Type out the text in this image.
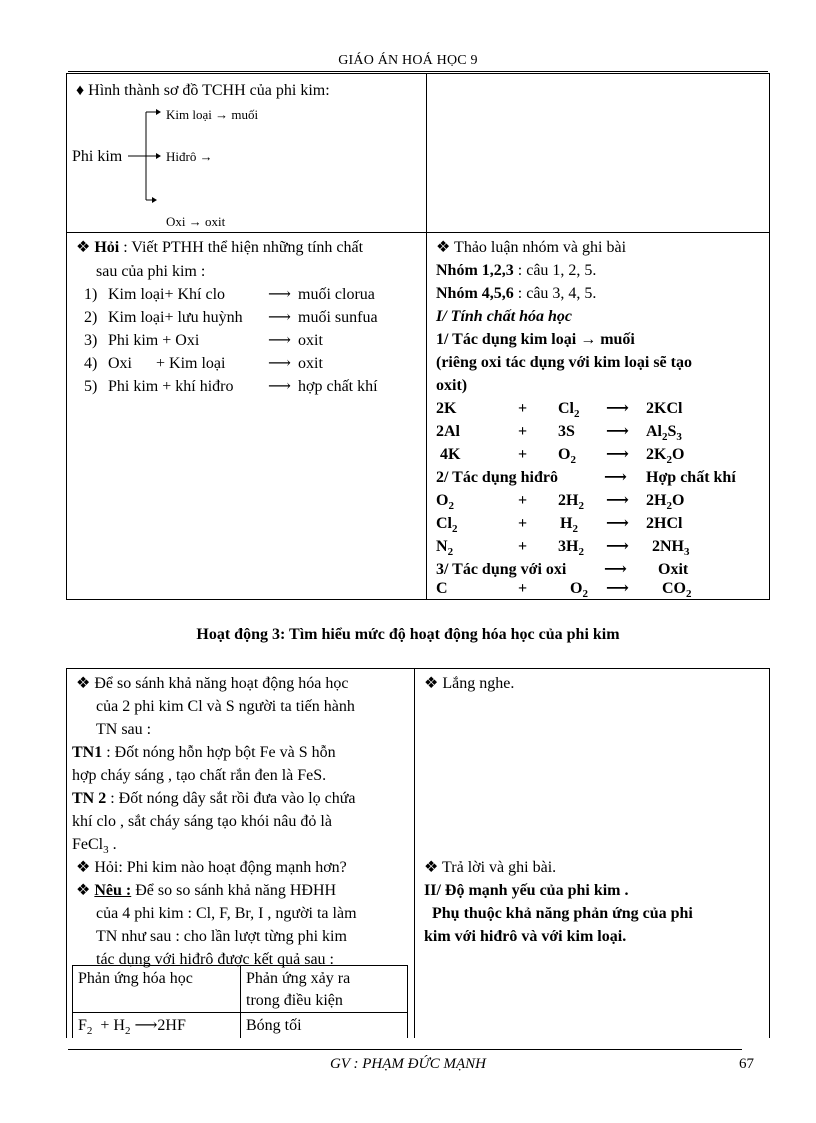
GIÁO ÁN HOÁ HỌC 9
♦ Hình thành sơ đồ TCHH của phi kim:
Phi kim
Kim loại → muối
Hiđrô →
Oxi → oxit
❖ Hỏi : Viết PTHH thể hiện những tính chất
sau của phi kim :
1) Kim loại+ Khí clo	⟶ muối clorua
2) Kim loại+ lưu huỳnh ⟶ muối sunfua
3) Phi kim + Oxi	⟶ oxit
4) Oxi      + Kim loại	⟶ oxit
5) Phi kim + khí hiđro ⟶ hợp chất khí
❖ Thảo luận nhóm và ghi bài
Nhóm 1,2,3 : câu 1, 2, 5.
Nhóm 4,5,6 : câu 3, 4, 5.
I/ Tính chất hóa học
1/ Tác dụng kim loại → muối
(riêng oxi tác dụng với kim loại sẽ tạo
oxit)
2K	+ $Cl_2$ ⟶ 2KCl
2Al	+ 3S ⟶ $Al_2S_3$
4K	+ $O_2$ ⟶ $2K_2O$
2/ Tác dụng hiđrô	⟶ Hợp chất khí
$O_2$	+ $2H_2$ ⟶ $2H_2O$
$Cl_2$	+ $H_2$ ⟶ 2HCl
$N_2$	+ $3H_2$ ⟶ $2NH_3$
3/ Tác dụng với oxi ⟶ Oxit
C	+	$O_2$ ⟶ $CO_2$
Hoạt động 3: Tìm hiểu mức độ hoạt động hóa học của phi kim
❖ Để so sánh khả năng hoạt động hóa học
của 2 phi kim Cl và S người ta tiến hành
TN sau :
TN1 : Đốt nóng hỗn hợp bột Fe và S hỗn
hợp cháy sáng , tạo chất rắn đen là FeS.
TN 2 : Đốt nóng dây sắt rồi đưa vào lọ chứa
khí clo , sắt cháy sáng tạo khói nâu đỏ là
FeCl$_3$ .
❖ Hỏi: Phi kim nào hoạt động mạnh hơn?
❖ Nêu : Để so so sánh khả năng HĐHH
của 4 phi kim : Cl, F, Br, I , người ta làm
TN như sau : cho lần lượt từng phi kim
tác dụng với hiđrô được kết quả sau :
Phản ứng hóa học	Phản ứng xảy ra
trong điều kiện
$F_2 + H_2$ ⟶2HF	Bóng tối
❖ Lắng nghe.
❖ Trả lời và ghi bài.
II/ Độ mạnh yếu của phi kim .
Phụ thuộc khả năng phản ứng của phi
kim với hiđrô và với kim loại.
GV : PHẠM ĐỨC MẠNH	67
